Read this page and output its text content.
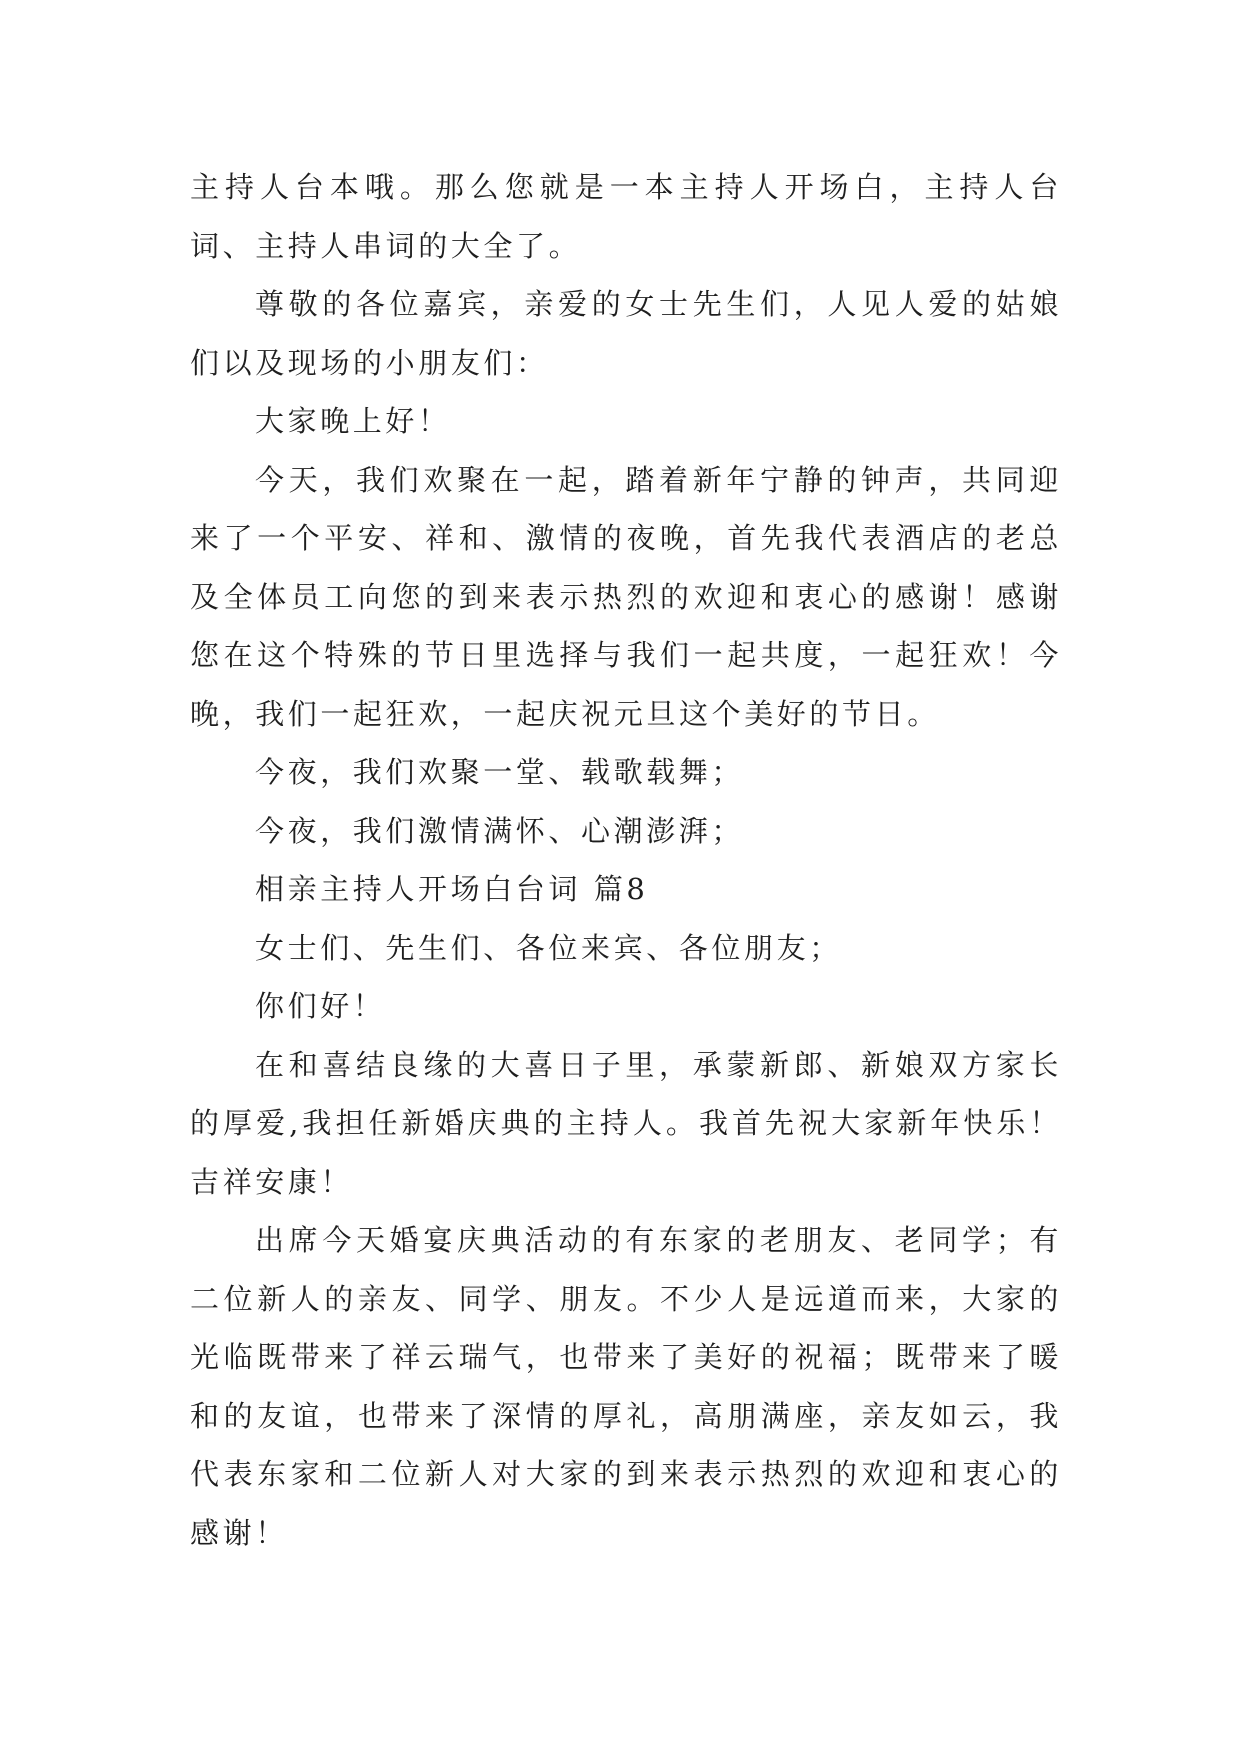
主持人台本哦。那么您就是一本主持人开场白，主持人台词、主持人串词的大全了。

尊敬的各位嘉宾，亲爱的女士先生们，人见人爱的姑娘们以及现场的小朋友们：

大家晚上好！

今天，我们欢聚在一起，踏着新年宁静的钟声，共同迎来了一个平安、祥和、激情的夜晚，首先我代表酒店的老总及全体员工向您的到来表示热烈的欢迎和衷心的感谢！感谢您在这个特殊的节日里选择与我们一起共度，一起狂欢！今晚，我们一起狂欢，一起庆祝元旦这个美好的节日。

今夜，我们欢聚一堂、载歌载舞；

今夜，我们激情满怀、心潮澎湃；

相亲主持人开场白台词 篇8

女士们、先生们、各位来宾、各位朋友；

你们好！

在和喜结良缘的大喜日子里，承蒙新郎、新娘双方家长的厚爱,我担任新婚庆典的主持人。我首先祝大家新年快乐！吉祥安康！

出席今天婚宴庆典活动的有东家的老朋友、老同学；有二位新人的亲友、同学、朋友。不少人是远道而来，大家的光临既带来了祥云瑞气，也带来了美好的祝福；既带来了暖和的友谊，也带来了深情的厚礼，高朋满座，亲友如云，我代表东家和二位新人对大家的到来表示热烈的欢迎和衷心的感谢！
